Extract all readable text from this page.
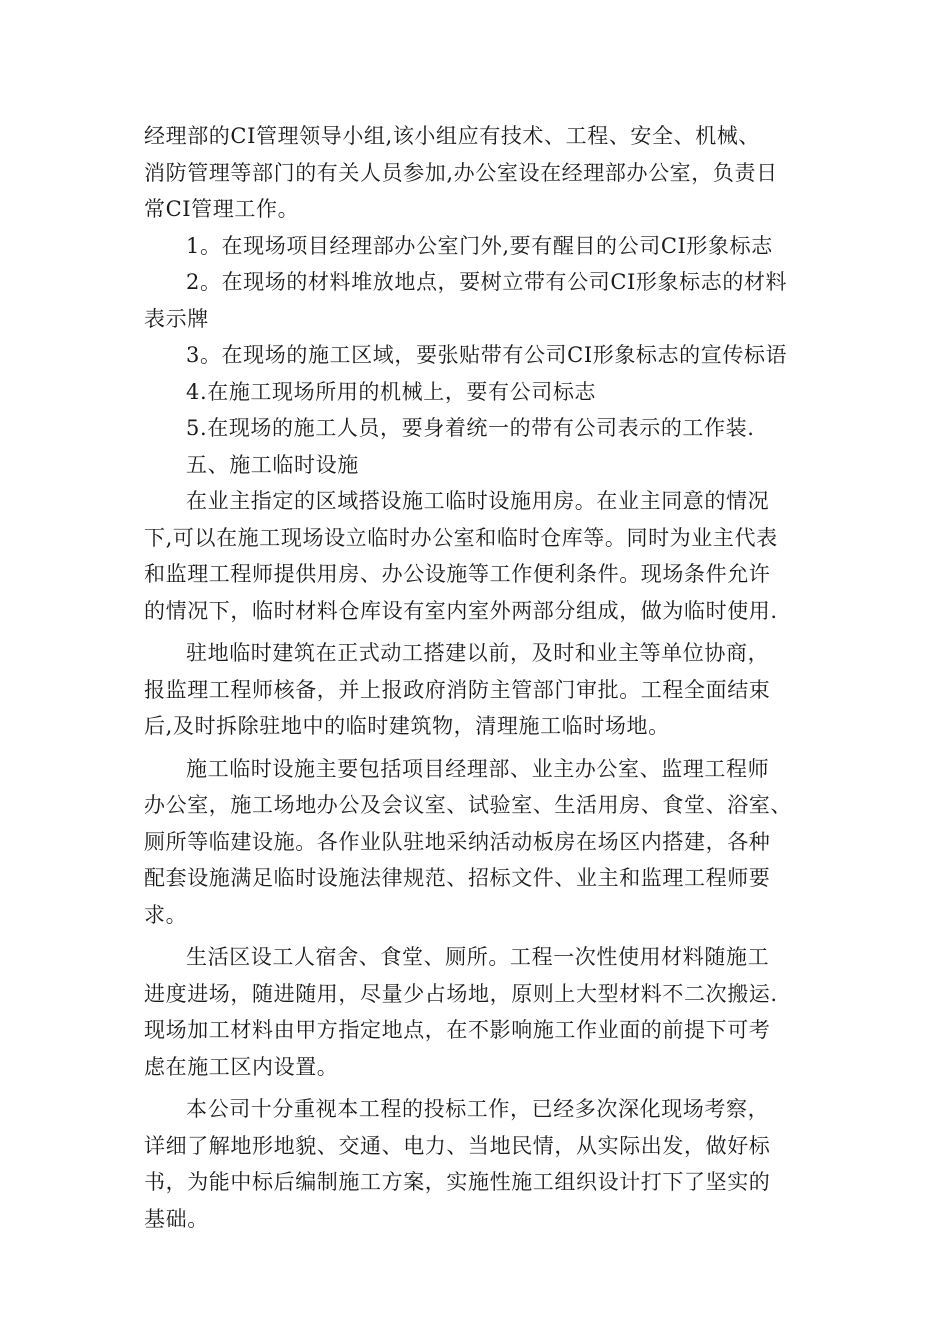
经理部的CI管理领导小组,该小组应有技术、工程、安全、机械、
消防管理等部门的有关人员参加,办公室设在经理部办公室，负责日
常CI管理工作。
1。在现场项目经理部办公室门外,要有醒目的公司CI形象标志
2。在现场的材料堆放地点，要树立带有公司CI形象标志的材料
表示牌
3。在现场的施工区域，要张贴带有公司CI形象标志的宣传标语
4.在施工现场所用的机械上，要有公司标志
5.在现场的施工人员，要身着统一的带有公司表示的工作装.
五、施工临时设施
在业主指定的区域搭设施工临时设施用房。在业主同意的情况
下,可以在施工现场设立临时办公室和临时仓库等。同时为业主代表
和监理工程师提供用房、办公设施等工作便利条件。现场条件允许
的情况下，临时材料仓库设有室内室外两部分组成，做为临时使用.
驻地临时建筑在正式动工搭建以前，及时和业主等单位协商，
报监理工程师核备，并上报政府消防主管部门审批。工程全面结束
后,及时拆除驻地中的临时建筑物，清理施工临时场地。
施工临时设施主要包括项目经理部、业主办公室、监理工程师
办公室，施工场地办公及会议室、试验室、生活用房、食堂、浴室、
厕所等临建设施。各作业队驻地采纳活动板房在场区内搭建，各种
配套设施满足临时设施法律规范、招标文件、业主和监理工程师要
求。
生活区设工人宿舍、食堂、厕所。工程一次性使用材料随施工
进度进场，随进随用，尽量少占场地，原则上大型材料不二次搬运.
现场加工材料由甲方指定地点，在不影响施工作业面的前提下可考
虑在施工区内设置。
本公司十分重视本工程的投标工作，已经多次深化现场考察，
详细了解地形地貌、交通、电力、当地民情，从实际出发，做好标
书，为能中标后编制施工方案，实施性施工组织设计打下了坚实的
基础。
